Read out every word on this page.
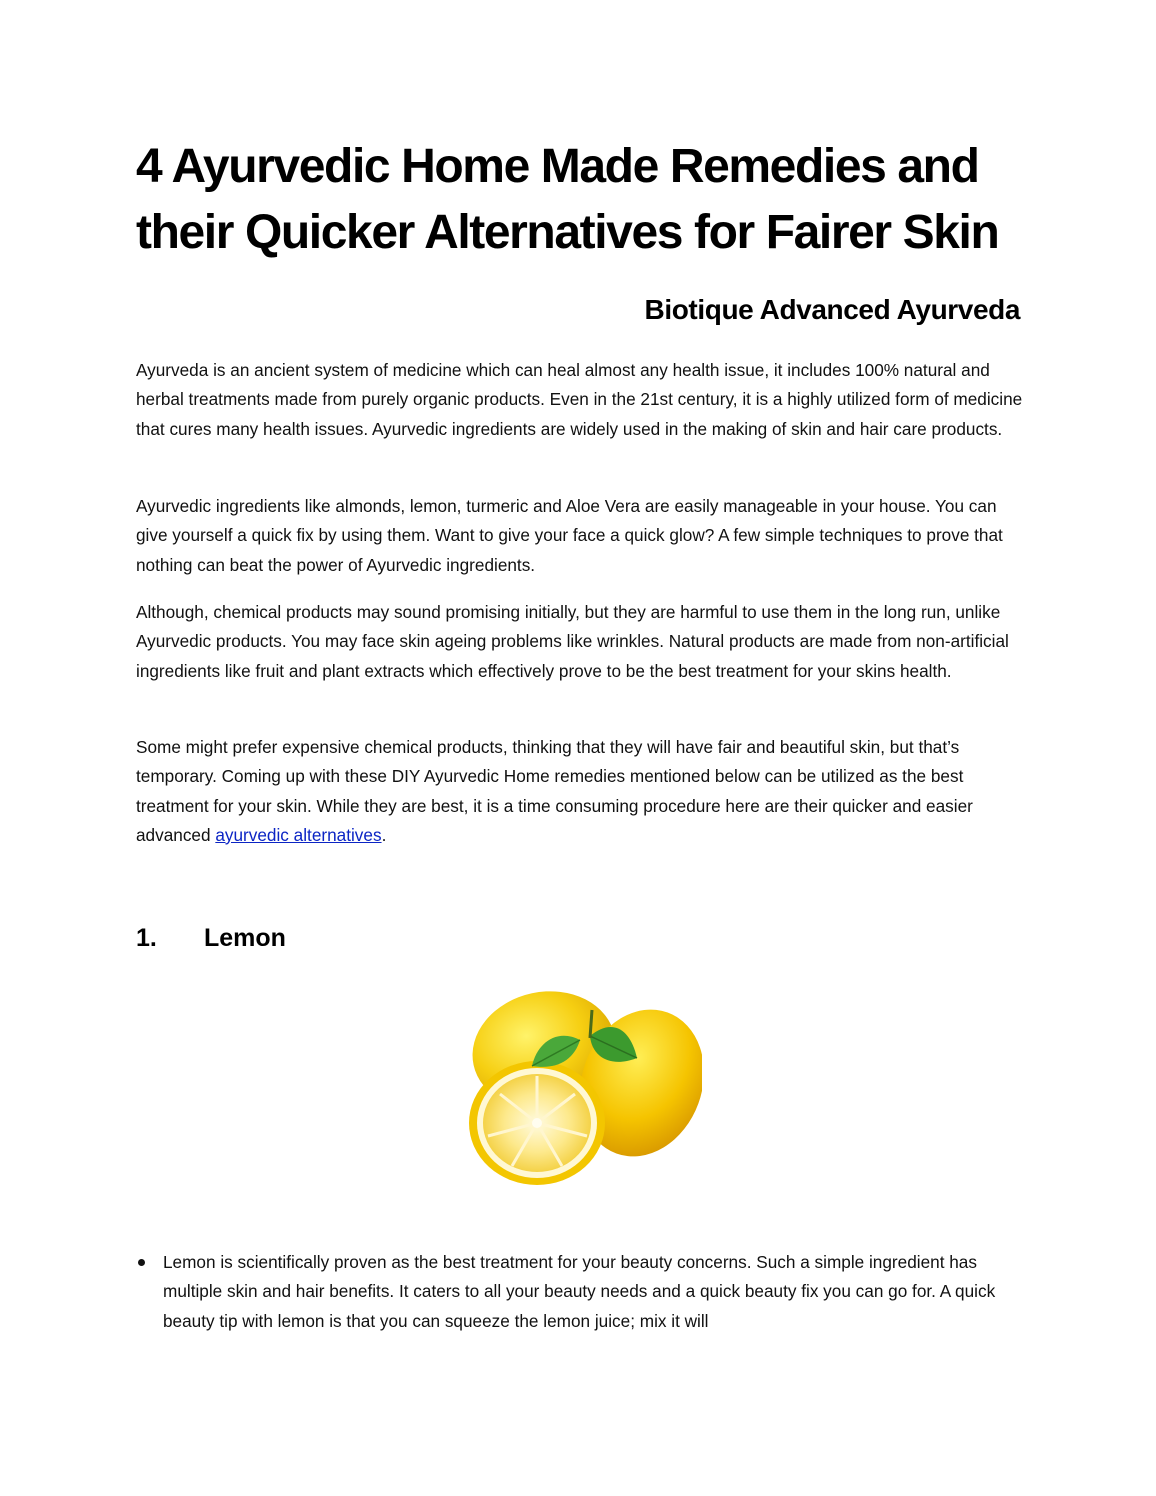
4 Ayurvedic Home Made Remedies and their Quicker Alternatives for Fairer Skin
Biotique Advanced Ayurveda

Ayurveda is an ancient system of medicine which can heal almost any health issue, it includes 100% natural and herbal treatments made from purely organic products. Even in the 21st century, it is a highly utilized form of medicine that cures many health issues. Ayurvedic ingredients are widely used in the making of skin and hair care products.

Ayurvedic ingredients like almonds, lemon, turmeric and Aloe Vera are easily manageable in your house. You can give yourself a quick fix by using them. Want to give your face a quick glow? A few simple techniques to prove that nothing can beat the power of Ayurvedic ingredients.

Although, chemical products may sound promising initially, but they are harmful to use them in the long run, unlike Ayurvedic products. You may face skin ageing problems like wrinkles. Natural products are made from non-artificial ingredients like fruit and plant extracts which effectively prove to be the best treatment for your skins health.

Some might prefer expensive chemical products, thinking that they will have fair and beautiful skin, but that’s temporary. Coming up with these DIY Ayurvedic Home remedies mentioned below can be utilized as the best treatment for your skin. While they are best, it is a time consuming procedure here are their quicker and easier advanced ayurvedic alternatives.

1.	Lemon
Lemon is scientifically proven as the best treatment for your beauty concerns. Such a simple ingredient has multiple skin and hair benefits. It caters to all your beauty needs and a quick beauty fix you can go for. A quick beauty tip with lemon is that you can squeeze the lemon juice; mix it will
